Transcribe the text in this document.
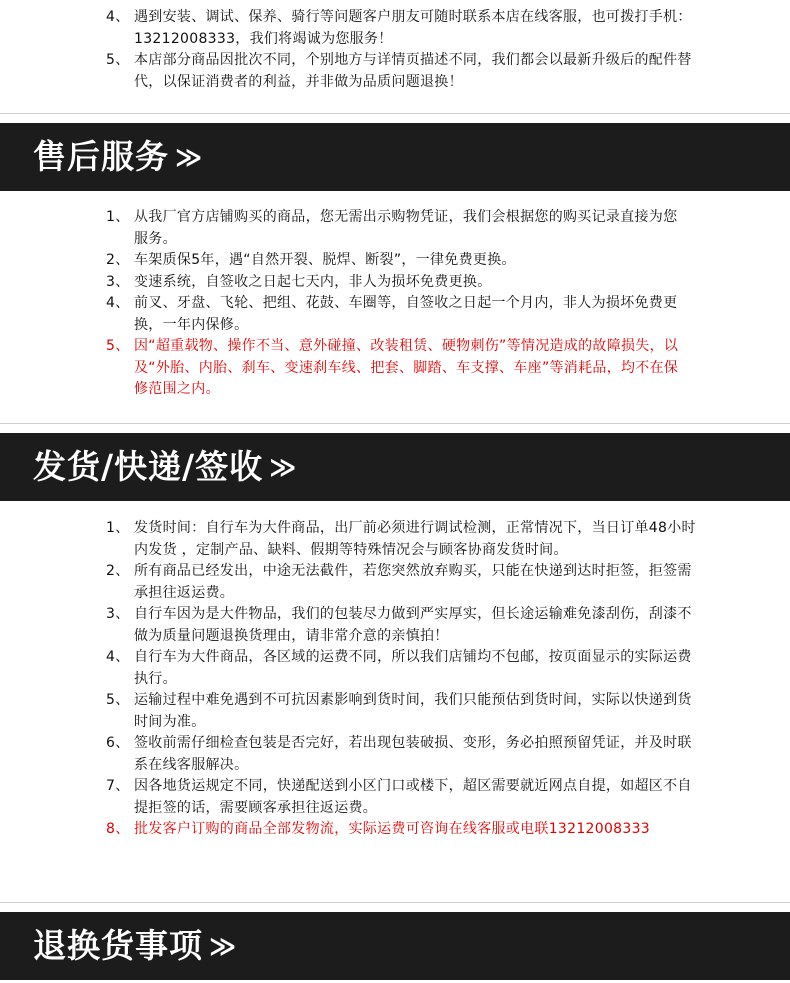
4、 遇到安装、调试、保养、骑行等问题客户朋友可随时联系本店在线客服，也可拨打手机：13212008333，我们将竭诚为您服务！
5、 本店部分商品因批次不同，个别地方与详情页描述不同，我们都会以最新升级后的配件替代，以保证消费者的利益，并非做为品质问题退换！
售后服务 ≫
1、 从我厂官方店铺购买的商品，您无需出示购物凭证，我们会根据您的购买记录直接为您服务。
2、 车架质保5年，遇“自然开裂、脱焊、断裂”，一律免费更换。
3、 变速系统，自签收之日起七天内，非人为损坏免费更换。
4、 前叉、牙盘、飞轮、把组、花鼓、车圈等，自签收之日起一个月内，非人为损坏免费更换，一年内保修。
5、 因“超重载物、操作不当、意外碰撞、改装租赁、硬物刺伤”等情况造成的故障损失，以及“外胎、内胎、刹车、变速刹车线、把套、脚踏、车支撑、车座”等消耗品，均不在保修范围之内。
发货/快递/签收 ≫
1、 发货时间：自行车为大件商品，出厂前必须进行调试检测，正常情况下，当日订单48小时内发货 ，定制产品、缺料、假期等特殊情况会与顾客协商发货时间。
2、 所有商品已经发出，中途无法截件，若您突然放弃购买，只能在快递到达时拒签，拒签需承担往返运费。
3、 自行车因为是大件物品，我们的包装尽力做到严实厚实，但长途运输难免漆刮伤，刮漆不做为质量问题退换货理由，请非常介意的亲慎拍！
4、 自行车为大件商品，各区域的运费不同，所以我们店铺均不包邮，按页面显示的实际运费执行。
5、 运输过程中难免遇到不可抗因素影响到货时间，我们只能预估到货时间，实际以快递到货时间为准。
6、 签收前需仔细检查包装是否完好，若出现包装破损、变形，务必拍照预留凭证，并及时联系在线客服解决。
7、 因各地货运规定不同，快递配送到小区门口或楼下，超区需要就近网点自提，如超区不自提拒签的话，需要顾客承担往返运费。
8、 批发客户订购的商品全部发物流，实际运费可咨询在线客服或电联13212008333
退换货事项 ≫
